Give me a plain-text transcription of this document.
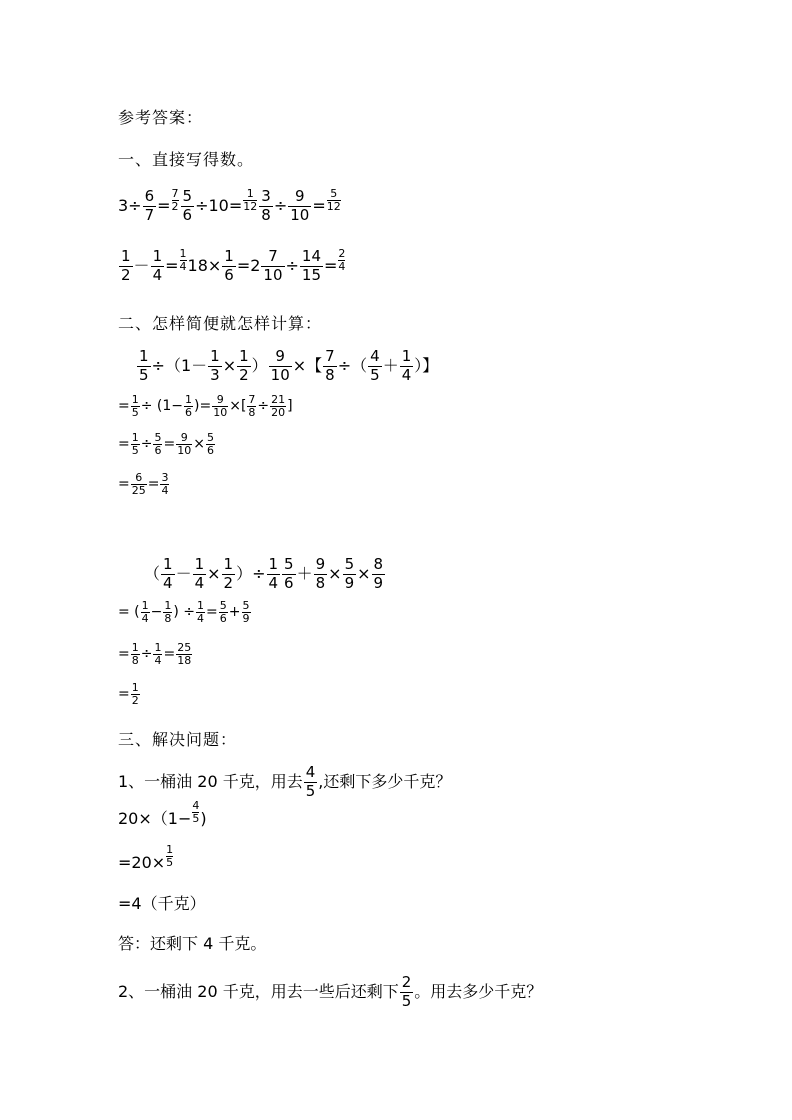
参考答案：
一、直接写得数。
$3\div \frac{6}{7} = \frac{7}{2} \frac{5}{6} \div 10= \frac{1}{12} \frac{3}{8} \div \frac{9}{10} = \frac{5}{12}$
$\frac{1}{2} - \frac{1}{4} = \frac{1}{4} 18\times \frac{1}{6} =2 \frac{7}{10} \div \frac{14}{15} = \frac{2}{4}$
二、怎样简便就怎样计算：
$\frac{1}{5} \div(1- \frac{1}{3} \times \frac{1}{2}$ ） $\frac{9}{10}$ ×【 $\frac{7}{8}$ ÷（ $\frac{4}{5} + \frac{1}{4}$ ）】
= $\frac{1}{5} \div (1- \frac{1}{6}$ )= $\frac{9}{10}$ × [ $\frac{7}{8} \div \frac{21}{20}$ ]
= $\frac{1}{5} \div \frac{5}{6} = \frac{9}{10} \times \frac{5}{6}$
= $\frac{6}{25} = \frac{3}{4}$
（ $\frac{1}{4} - \frac{1}{4} \times \frac{1}{2}$ ）÷ $\frac{1}{4} \frac{5}{6} + \frac{9}{8} \times \frac{5}{9} \times \frac{8}{9}$
= ( $\frac{1}{4} - \frac{1}{8}$ ) ÷ $\frac{1}{4} = \frac{5}{6} + \frac{5}{9}$
= $\frac{1}{8} \div \frac{1}{4} = \frac{25}{18}$
= $\frac{1}{2}$
三、解决问题：
1、一桶油 20 千克，用去 $\frac{4}{5}$ ,还剩下多少千克？
$20\times(1- \frac{4}{5}$ )
$=20\times \frac{1}{5}$
=4（千克）
答：还剩下 4 千克。
2、一桶油 20 千克，用去一些后还剩下 $\frac{2}{5}$ 。用去多少千克？
